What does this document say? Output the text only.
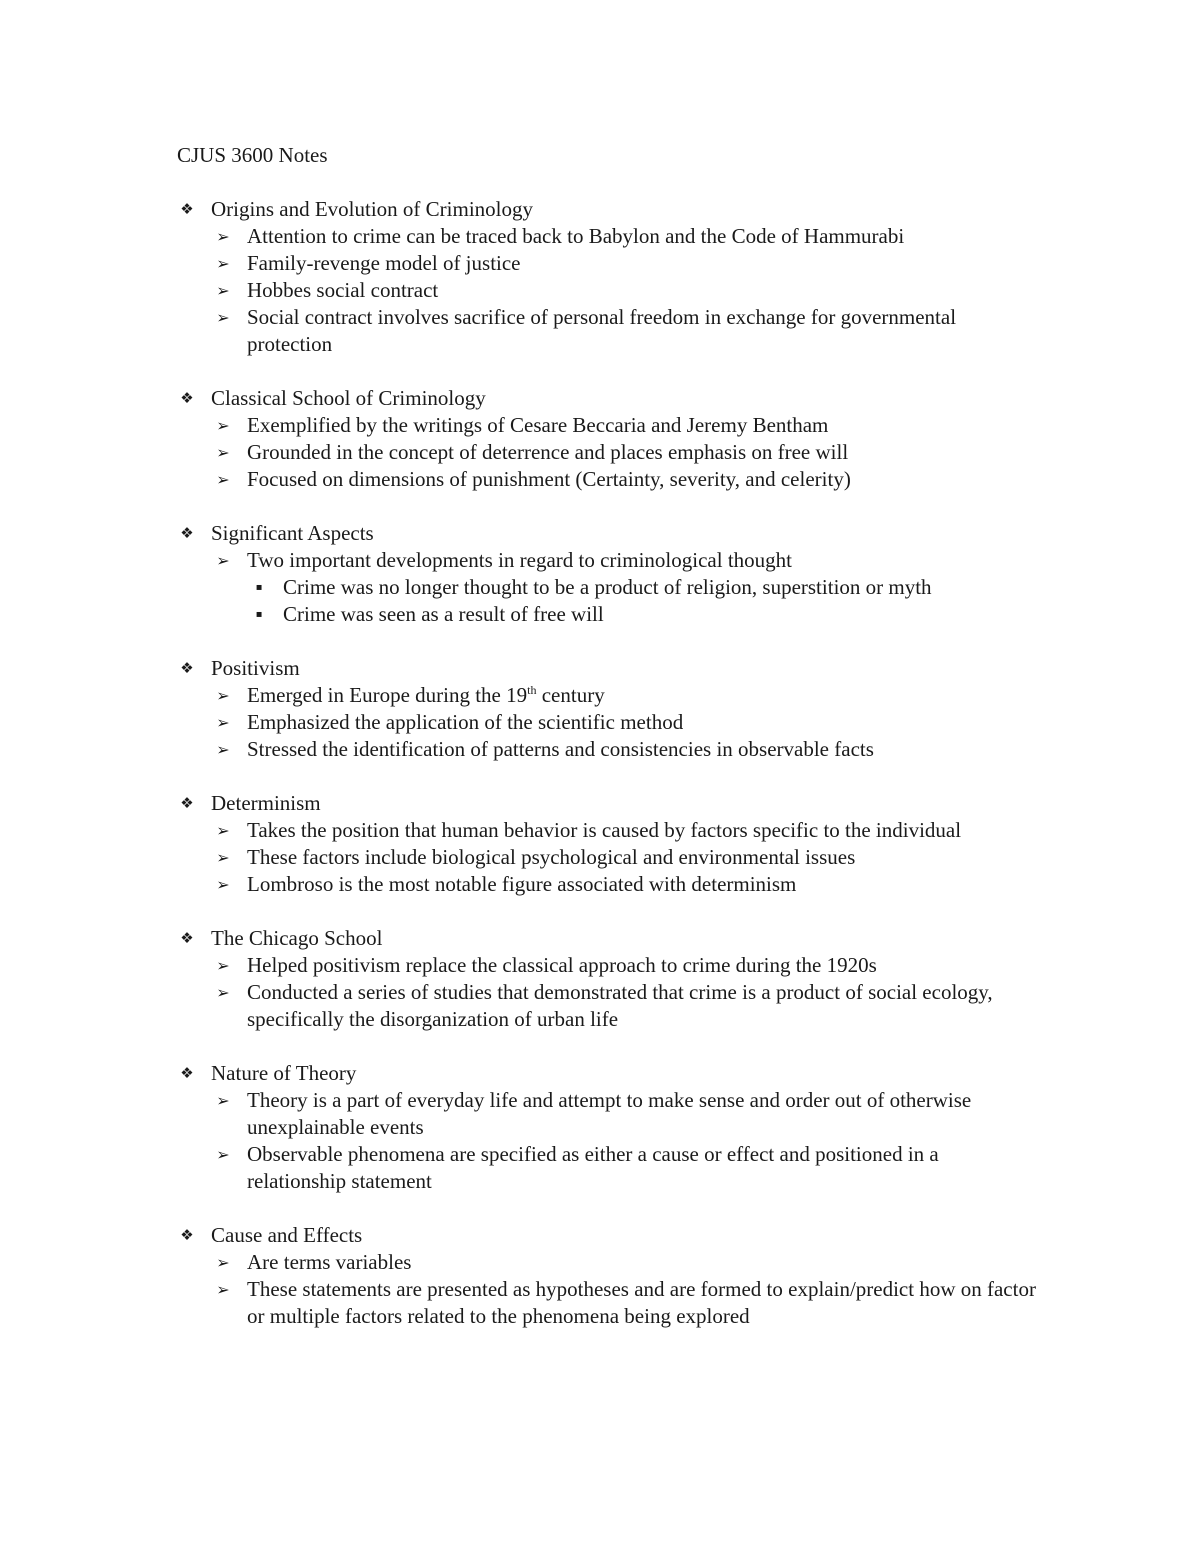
CJUS 3600 Notes
❖ Origins and Evolution of Criminology
➢ Attention to crime can be traced back to Babylon and the Code of Hammurabi
➢ Family-revenge model of justice
➢ Hobbes social contract
➢ Social contract involves sacrifice of personal freedom in exchange for governmental protection
❖ Classical School of Criminology
➢ Exemplified by the writings of Cesare Beccaria and Jeremy Bentham
➢ Grounded in the concept of deterrence and places emphasis on free will
➢ Focused on dimensions of punishment (Certainty, severity, and celerity)
❖ Significant Aspects
➢ Two important developments in regard to criminological thought
▪ Crime was no longer thought to be a product of religion, superstition or myth
▪ Crime was seen as a result of free will
❖ Positivism
➢ Emerged in Europe during the 19th century
➢ Emphasized the application of the scientific method
➢ Stressed the identification of patterns and consistencies in observable facts
❖ Determinism
➢ Takes the position that human behavior is caused by factors specific to the individual
➢ These factors include biological psychological and environmental issues
➢ Lombroso is the most notable figure associated with determinism
❖ The Chicago School
➢ Helped positivism replace the classical approach to crime during the 1920s
➢ Conducted a series of studies that demonstrated that crime is a product of social ecology, specifically the disorganization of urban life
❖ Nature of Theory
➢ Theory is a part of everyday life and attempt to make sense and order out of otherwise unexplainable events
➢ Observable phenomena are specified as either a cause or effect and positioned in a relationship statement
❖ Cause and Effects
➢ Are terms variables
➢ These statements are presented as hypotheses and are formed to explain/predict how on factor or multiple factors related to the phenomena being explored
